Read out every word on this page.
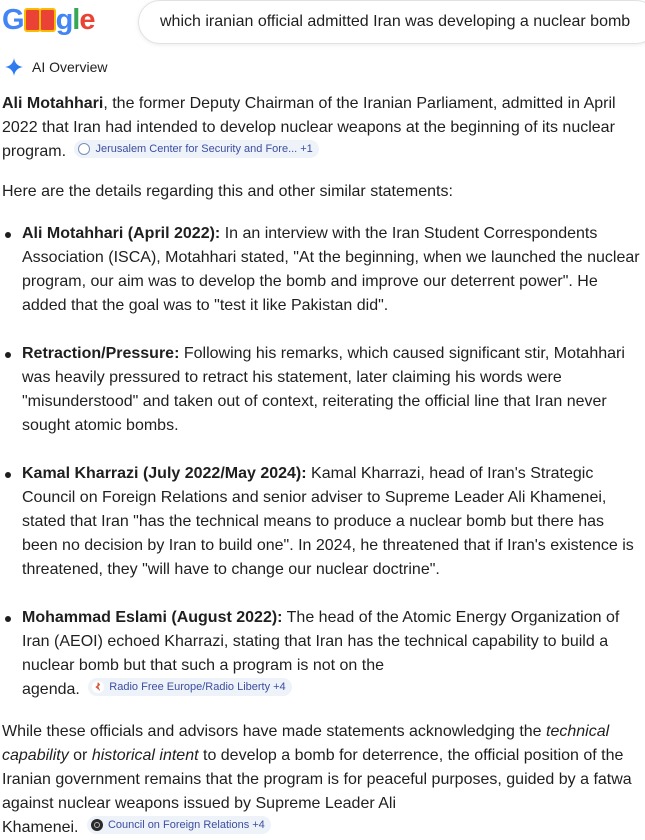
G g l e	which iranian official admitted Iran was developing a nuclear bomb
AI Overview

Ali Motahhari, the former Deputy Chairman of the Iranian Parliament, admitted in April 2022 that Iran had intended to develop nuclear weapons at the beginning of its nuclear program.	Jerusalem Center for Security and Fore... +1

Here are the details regarding this and other similar statements:

Ali Motahhari (April 2022): In an interview with the Iran Student Correspondents Association (ISCA), Motahhari stated, "At the beginning, when we launched the nuclear program, our aim was to develop the bomb and improve our deterrent power". He added that the goal was to "test it like Pakistan did".
Retraction/Pressure: Following his remarks, which caused significant stir, Motahhari was heavily pressured to retract his statement, later claiming his words were "misunderstood" and taken out of context, reiterating the official line that Iran never sought atomic bombs.
Kamal Kharrazi (July 2022/May 2024): Kamal Kharrazi, head of Iran's Strategic Council on Foreign Relations and senior adviser to Supreme Leader Ali Khamenei, stated that Iran "has the technical means to produce a nuclear bomb but there has been no decision by Iran to build one". In 2024, he threatened that if Iran's existence is threatened, they "will have to change our nuclear doctrine".
Mohammad Eslami (August 2022): The head of the Atomic Energy Organization of Iran (AEOI) echoed Kharrazi, stating that Iran has the technical capability to build a nuclear bomb but that such a program is not on the
agenda.	Radio Free Europe/Radio Liberty +4

While these officials and advisors have made statements acknowledging the technical capability or historical intent to develop a bomb for deterrence, the official position of the Iranian government remains that the program is for peaceful purposes, guided by a fatwa against nuclear weapons issued by Supreme Leader Ali
Khamenei.	Council on Foreign Relations +4
